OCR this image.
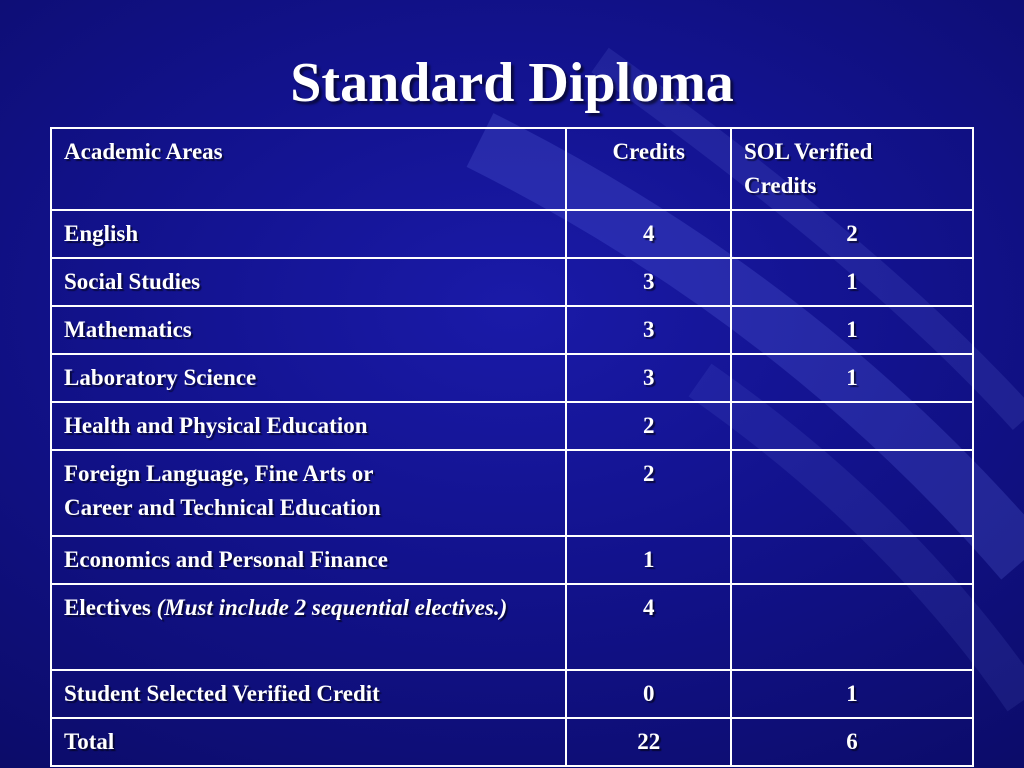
Standard Diploma
Academic Areas	Credits	SOL Verified
Credits

English	4	2
Social Studies	3	1
Mathematics	3	1
Laboratory Science	3	1
Health and Physical Education	2	

Foreign Language, Fine Arts or
Career and Technical Education	2	
Economics and Personal Finance	1	
Electives (Must include 2 sequential electives.)	4	
Student Selected Verified Credit	0	1
Total	22	6
